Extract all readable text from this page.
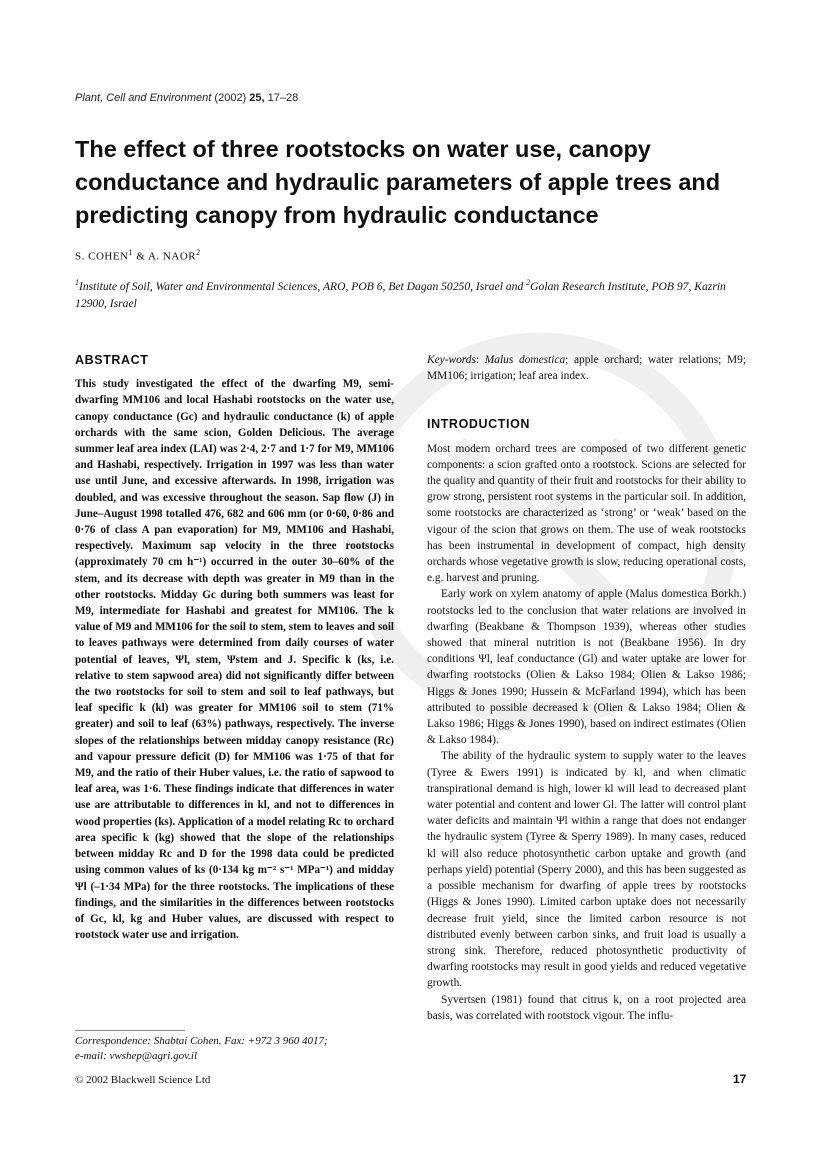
Plant, Cell and Environment (2002) 25, 17–28
The effect of three rootstocks on water use, canopy conductance and hydraulic parameters of apple trees and predicting canopy from hydraulic conductance
S. COHEN$^1$ & A. NAOR$^2$
$^1$Institute of Soil, Water and Environmental Sciences, ARO, POB 6, Bet Dagan 50250, Israel and $^2$Golan Research Institute, POB 97, Kazrin 12900, Israel
ABSTRACT

This study investigated the effect of the dwarfing M9, semi-dwarfing MM106 and local Hashabi rootstocks on the water use, canopy conductance (Gc) and hydraulic conductance (k) of apple orchards with the same scion, Golden Delicious. The average summer leaf area index (LAI) was 2·4, 2·7 and 1·7 for M9, MM106 and Hashabi, respectively. Irrigation in 1997 was less than water use until June, and excessive afterwards. In 1998, irrigation was doubled, and was excessive throughout the season. Sap flow (J) in June–August 1998 totalled 476, 682 and 606 mm (or 0·60, 0·86 and 0·76 of class A pan evaporation) for M9, MM106 and Hashabi, respectively. Maximum sap velocity in the three rootstocks (approximately 70 cm h⁻¹) occurred in the outer 30–60% of the stem, and its decrease with depth was greater in M9 than in the other rootstocks. Midday Gc during both summers was least for M9, intermediate for Hashabi and greatest for MM106. The k value of M9 and MM106 for the soil to stem, stem to leaves and soil to leaves pathways were determined from daily courses of water potential of leaves, Ψl, stem, Ψstem and J. Specific k (ks, i.e. relative to stem sapwood area) did not significantly differ between the two rootstocks for soil to stem and soil to leaf pathways, but leaf specific k (kl) was greater for MM106 soil to stem (71% greater) and soil to leaf (63%) pathways, respectively. The inverse slopes of the relationships between midday canopy resistance (Rc) and vapour pressure deficit (D) for MM106 was 1·75 of that for M9, and the ratio of their Huber values, i.e. the ratio of sapwood to leaf area, was 1·6. These findings indicate that differences in water use are attributable to differences in kl, and not to differences in wood properties (ks). Application of a model relating Rc to orchard area specific k (kg) showed that the slope of the relationships between midday Rc and D for the 1998 data could be predicted using common values of ks (0·134 kg m⁻² s⁻¹ MPa⁻¹) and midday Ψl (–1·34 MPa) for the three rootstocks. The implications of these findings, and the similarities in the differences between rootstocks of Gc, kl, kg and Huber values, are discussed with respect to rootstock water use and irrigation.

Key-words: Malus domestica; apple orchard; water relations; M9; MM106; irrigation; leaf area index.

INTRODUCTION

Most modern orchard trees are composed of two different genetic components: a scion grafted onto a rootstock. Scions are selected for the quality and quantity of their fruit and rootstocks for their ability to grow strong, persistent root systems in the particular soil. In addition, some rootstocks are characterized as ‘strong’ or ‘weak’ based on the vigour of the scion that grows on them. The use of weak rootstocks has been instrumental in development of compact, high density orchards whose vegetative growth is slow, reducing operational costs, e.g. harvest and pruning.

Early work on xylem anatomy of apple (Malus domestica Borkh.) rootstocks led to the conclusion that water relations are involved in dwarfing (Beakbane & Thompson 1939), whereas other studies showed that mineral nutrition is not (Beakbane 1956). In dry conditions Ψl, leaf conductance (Gl) and water uptake are lower for dwarfing rootstocks (Olien & Lakso 1984; Olien & Lakso 1986; Higgs & Jones 1990; Hussein & McFarland 1994), which has been attributed to possible decreased k (Olien & Lakso 1984; Olien & Lakso 1986; Higgs & Jones 1990), based on indirect estimates (Olien & Lakso 1984).

The ability of the hydraulic system to supply water to the leaves (Tyree & Ewers 1991) is indicated by kl, and when climatic transpirational demand is high, lower kl will lead to decreased plant water potential and content and lower Gl. The latter will control plant water deficits and maintain Ψl within a range that does not endanger the hydraulic system (Tyree & Sperry 1989). In many cases, reduced kl will also reduce photosynthetic carbon uptake and growth (and perhaps yield) potential (Sperry 2000), and this has been suggested as a possible mechanism for dwarfing of apple trees by rootstocks (Higgs & Jones 1990). Limited carbon uptake does not necessarily decrease fruit yield, since the limited carbon resource is not distributed evenly between carbon sinks, and fruit load is usually a strong sink. Therefore, reduced photosynthetic productivity of dwarfing rootstocks may result in good yields and reduced vegetative growth.

Syvertsen (1981) found that citrus k, on a root projected area basis, was correlated with rootstock vigour. The influ-

Correspondence: Shabtai Cohen. Fax: +972 3 960 4017;
e-mail: vwshep@agri.gov.il
© 2002 Blackwell Science Ltd	17
